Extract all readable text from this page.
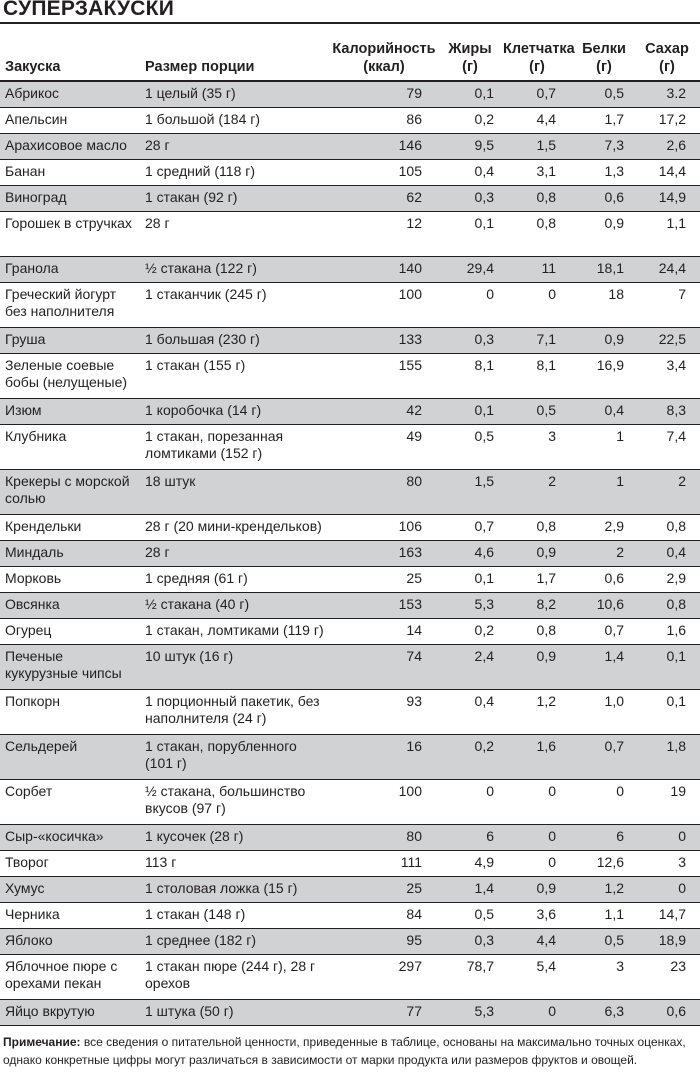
СУПЕРЗАКУСКИ
Закуска	Размер порции	Калорийность (ккал)	Жиры (г)	Клетчатка (г)	Белки (г)	Сахар (г)
Абрикос	1 целый (35 г)	79	0,1	0,7	0,5	3.2
Апельсин	1 большой (184 г)	86	0,2	4,4	1,7	17,2
Арахисовое масло	28 г	146	9,5	1,5	7,3	2,6
Банан	1 средний (118 г)	105	0,4	3,1	1,3	14,4
Виноград	1 стакан (92 г)	62	0,3	0,8	0,6	14,9
Горошек в стручках	28 г	12	0,1	0,8	0,9	1,1
Гранола	½ стакана (122 г)	140	29,4	11	18,1	24,4
Греческий йогурт без наполнителя	1 стаканчик (245 г)	100	0	0	18	7
Груша	1 большая (230 г)	133	0,3	7,1	0,9	22,5
Зеленые соевые бобы (нелущеные)	1 стакан (155 г)	155	8,1	8,1	16,9	3,4
Изюм	1 коробочка (14 г)	42	0,1	0,5	0,4	8,3
Клубника	1 стакан, порезанная ломтиками (152 г)	49	0,5	3	1	7,4
Крекеры с морской солью	18 штук	80	1,5	2	1	2
Крендельки	28 г (20 мини-крендельков)	106	0,7	0,8	2,9	0,8
Миндаль	28 г	163	4,6	0,9	2	0,4
Морковь	1 средняя (61 г)	25	0,1	1,7	0,6	2,9
Овсянка	½ стакана (40 г)	153	5,3	8,2	10,6	0,8
Огурец	1 стакан, ломтиками (119 г)	14	0,2	0,8	0,7	1,6
Печеные кукурузные чипсы	10 штук (16 г)	74	2,4	0,9	1,4	0,1
Попкорн	1 порционный пакетик, без наполнителя (24 г)	93	0,4	1,2	1,0	0,1
Сельдерей	1 стакан, порубленного (101 г)	16	0,2	1,6	0,7	1,8
Сорбет	½ стакана, большинство вкусов (97 г)	100	0	0	0	19
Сыр-«косичка»	1 кусочек (28 г)	80	6	0	6	0
Творог	113 г	111	4,9	0	12,6	3
Хумус	1 столовая ложка (15 г)	25	1,4	0,9	1,2	0
Черника	1 стакан (148 г)	84	0,5	3,6	1,1	14,7
Яблоко	1 среднее (182 г)	95	0,3	4,4	0,5	18,9
Яблочное пюре с орехами пекан	1 стакан пюре (244 г), 28 г орехов	297	78,7	5,4	3	23
Яйцо вкрутую	1 штука (50 г)	77	5,3	0	6,3	0,6
Примечание: все сведения о питательной ценности, приведенные в таблице, основаны на максимально точных оценках, однако конкретные цифры могут различаться в зависимости от марки продукта или размеров фруктов и овощей.
